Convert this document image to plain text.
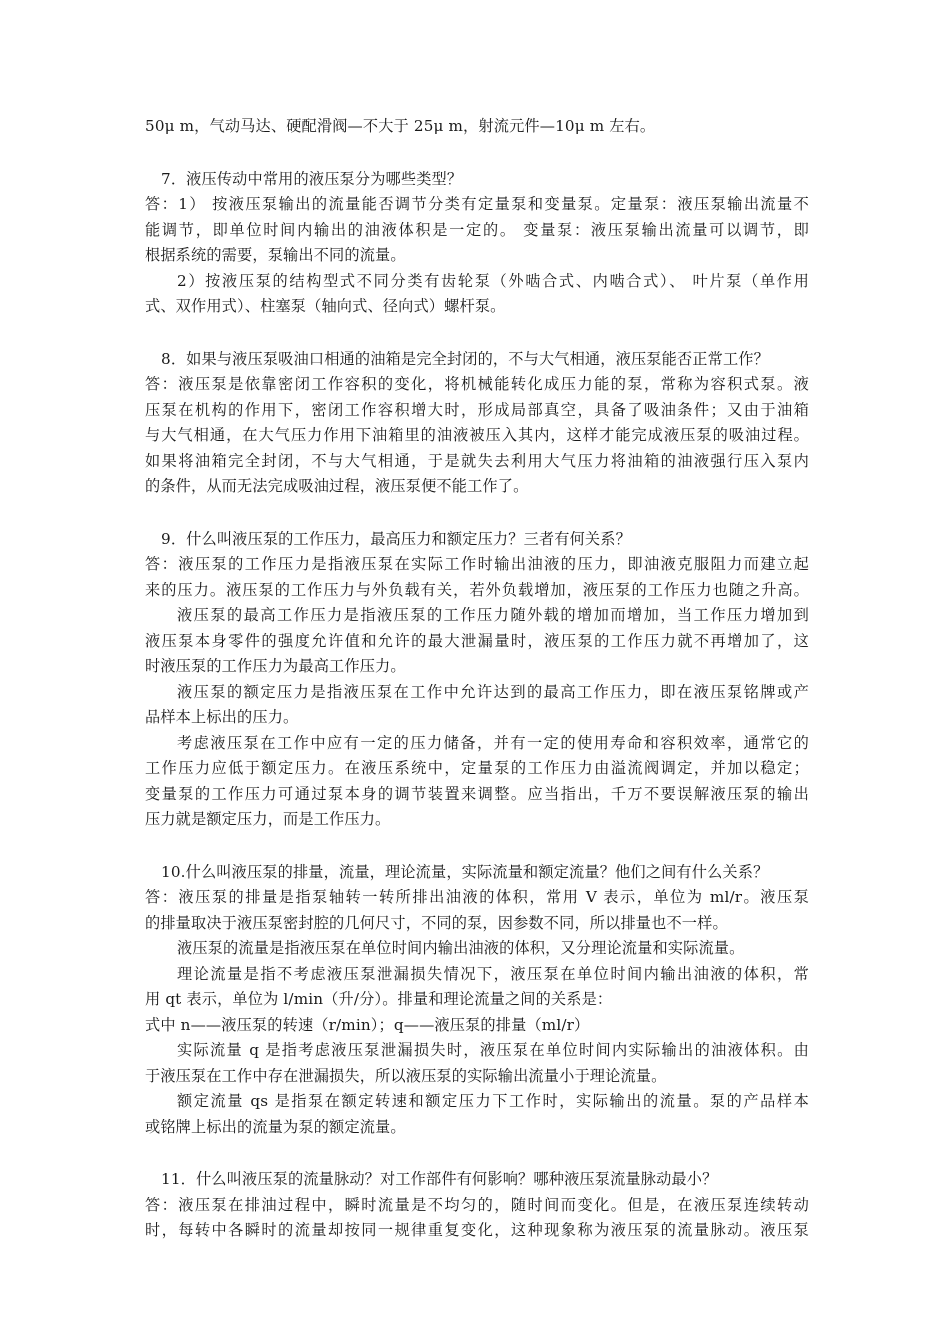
50μ m，气动马达、硬配滑阀—不大于 25μ m，射流元件—10μ m 左右。
7．液压传动中常用的液压泵分为哪些类型？
答：1） 按液压泵输出的流量能否调节分类有定量泵和变量泵。定量泵：液压泵输出流量不
能调节，即单位时间内输出的油液体积是一定的。 变量泵：液压泵输出流量可以调节，即
根据系统的需要，泵输出不同的流量。
2）按液压泵的结构型式不同分类有齿轮泵（外啮合式、内啮合式）、 叶片泵（单作用
式、双作用式）、柱塞泵（轴向式、径向式）螺杆泵。
8．如果与液压泵吸油口相通的油箱是完全封闭的，不与大气相通，液压泵能否正常工作？
答：液压泵是依靠密闭工作容积的变化，将机械能转化成压力能的泵，常称为容积式泵。液
压泵在机构的作用下，密闭工作容积增大时，形成局部真空，具备了吸油条件；又由于油箱
与大气相通，在大气压力作用下油箱里的油液被压入其内，这样才能完成液压泵的吸油过程。
如果将油箱完全封闭，不与大气相通，于是就失去利用大气压力将油箱的油液强行压入泵内
的条件，从而无法完成吸油过程，液压泵便不能工作了。
9．什么叫液压泵的工作压力，最高压力和额定压力？三者有何关系？
答：液压泵的工作压力是指液压泵在实际工作时输出油液的压力，即油液克服阻力而建立起
来的压力。液压泵的工作压力与外负载有关，若外负载增加，液压泵的工作压力也随之升高。
液压泵的最高工作压力是指液压泵的工作压力随外载的增加而增加，当工作压力增加到
液压泵本身零件的强度允许值和允许的最大泄漏量时，液压泵的工作压力就不再增加了，这
时液压泵的工作压力为最高工作压力。
液压泵的额定压力是指液压泵在工作中允许达到的最高工作压力，即在液压泵铭牌或产
品样本上标出的压力。
考虑液压泵在工作中应有一定的压力储备，并有一定的使用寿命和容积效率，通常它的
工作压力应低于额定压力。在液压系统中，定量泵的工作压力由溢流阀调定，并加以稳定；
变量泵的工作压力可通过泵本身的调节装置来调整。应当指出，千万不要误解液压泵的输出
压力就是额定压力，而是工作压力。
10.什么叫液压泵的排量，流量，理论流量，实际流量和额定流量？他们之间有什么关系？
答：液压泵的排量是指泵轴转一转所排出油液的体积，常用 V 表示，单位为 ml/r。液压泵
的排量取决于液压泵密封腔的几何尺寸，不同的泵，因参数不同，所以排量也不一样。
液压泵的流量是指液压泵在单位时间内输出油液的体积，又分理论流量和实际流量。
理论流量是指不考虑液压泵泄漏损失情况下，液压泵在单位时间内输出油液的体积，常
用 qt 表示，单位为 l/min（升/分）。排量和理论流量之间的关系是：
式中 n——液压泵的转速（r/min）；q——液压泵的排量（ml/r）
实际流量 q 是指考虑液压泵泄漏损失时，液压泵在单位时间内实际输出的油液体积。由
于液压泵在工作中存在泄漏损失，所以液压泵的实际输出流量小于理论流量。
额定流量 qs 是指泵在额定转速和额定压力下工作时，实际输出的流量。泵的产品样本
或铭牌上标出的流量为泵的额定流量。
11．什么叫液压泵的流量脉动？对工作部件有何影响？哪种液压泵流量脉动最小？
答：液压泵在排油过程中，瞬时流量是不均匀的，随时间而变化。但是，在液压泵连续转动
时，每转中各瞬时的流量却按同一规律重复变化，这种现象称为液压泵的流量脉动。液压泵
